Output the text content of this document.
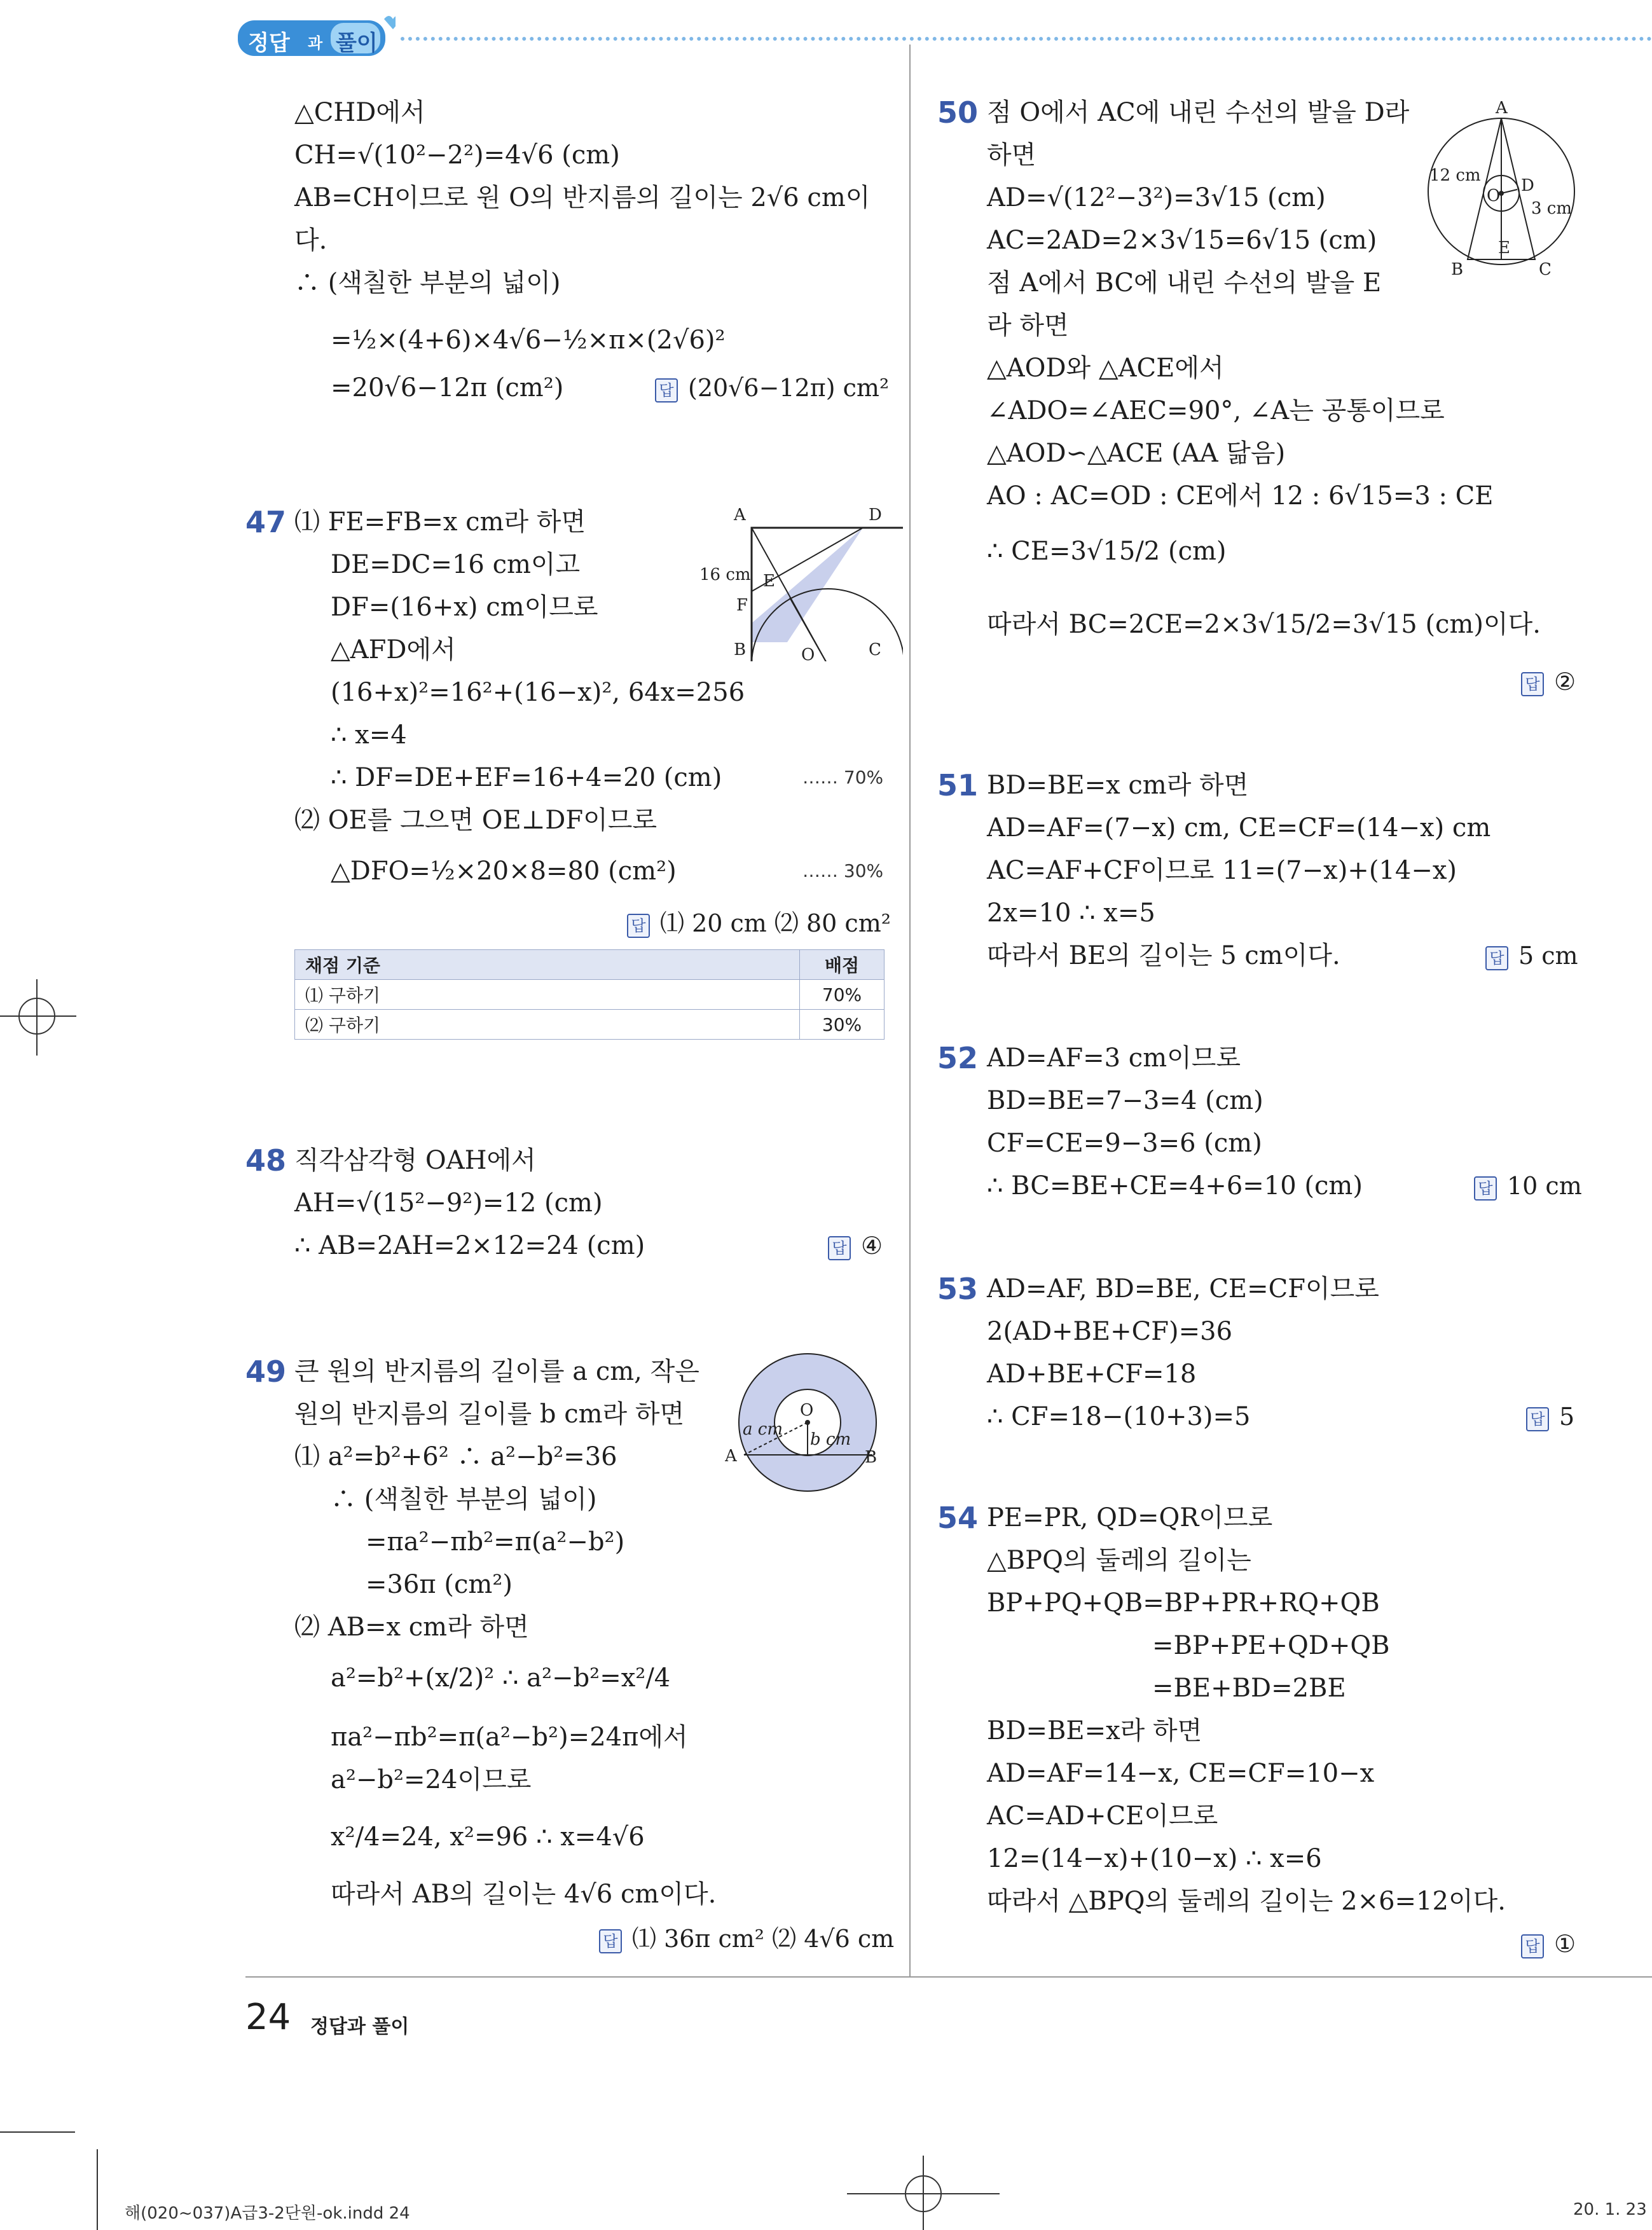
정답 과 풀이
△CHD에서
CH=√(10²−2²)=4√6 (cm)
AB=CH이므로 원 O의 반지름의 길이는 2√6 cm이
다.
∴ (색칠한 부분의 넓이)
=½×(4+6)×4√6−½×π×(2√6)²
=20√6−12π (cm²)	답 (20√6−12π) cm²
47 ⑴ FE=FB=x cm라 하면
DE=DC=16 cm이고
DF=(16+x) cm이므로
△AFD에서
(16+x)²=16²+(16−x)², 64x=256
∴ x=4
∴ DF=DE+EF=16+4=20 (cm)	…… 70%
⑵ OE를 그으면 OE⊥DF이므로
△DFO=½×20×8=80 (cm²)	…… 30%
답 ⑴ 20 cm ⑵ 80 cm²
A	D
B	C
E
F
O
16 cm
채점 기준	배점
⑴ 구하기	70%
⑵ 구하기	30%
48 직각삼각형 OAH에서
AH=√(15²−9²)=12 (cm)
∴ AB=2AH=2×12=24 (cm)	답 ④
49 큰 원의 반지름의 길이를 a cm, 작은
원의 반지름의 길이를 b cm라 하면
⑴ a²=b²+6² ∴ a²−b²=36
∴ (색칠한 부분의 넓이)
=πa²−πb²=π(a²−b²)
=36π (cm²)
⑵ AB=x cm라 하면
a²=b²+(x/2)² ∴ a²−b²=x²/4
πa²−πb²=π(a²−b²)=24π에서
a²−b²=24이므로
x²/4=24, x²=96 ∴ x=4√6
따라서 AB의 길이는 4√6 cm이다.
답 ⑴ 36π cm² ⑵ 4√6 cm
O
A	B
a cm
b cm
50 점 O에서 AC에 내린 수선의 발을 D라
하면
AD=√(12²−3²)=3√15 (cm)
AC=2AD=2×3√15=6√15 (cm)
점 A에서 BC에 내린 수선의 발을 E
라 하면
△AOD와 △ACE에서
∠ADO=∠AEC=90°, ∠A는 공통이므로
△AOD∽△ACE (AA 닮음)
AO : AC=OD : CE에서 12 : 6√15=3 : CE
∴ CE=3√15/2 (cm)
따라서 BC=2CE=2×3√15/2=3√15 (cm)이다.
답 ②
A
B	C
D
E
O
12 cm
3 cm
51 BD=BE=x cm라 하면
AD=AF=(7−x) cm, CE=CF=(14−x) cm
AC=AF+CF이므로 11=(7−x)+(14−x)
2x=10 ∴ x=5
따라서 BE의 길이는 5 cm이다.	답 5 cm
52 AD=AF=3 cm이므로
BD=BE=7−3=4 (cm)
CF=CE=9−3=6 (cm)
∴ BC=BE+CE=4+6=10 (cm)	답 10 cm
53 AD=AF, BD=BE, CE=CF이므로
2(AD+BE+CF)=36
AD+BE+CF=18
∴ CF=18−(10+3)=5	답 5
54 PE=PR, QD=QR이므로
△BPQ의 둘레의 길이는
BP+PQ+QB=BP+PR+RQ+QB
=BP+PE+QD+QB
=BE+BD=2BE
BD=BE=x라 하면
AD=AF=14−x, CE=CF=10−x
AC=AD+CE이므로
12=(14−x)+(10−x) ∴ x=6
따라서 △BPQ의 둘레의 길이는 2×6=12이다.
답 ①
24 정답과 풀이
해(020~037)A급3-2단원-ok.indd 24	20. 1. 23
